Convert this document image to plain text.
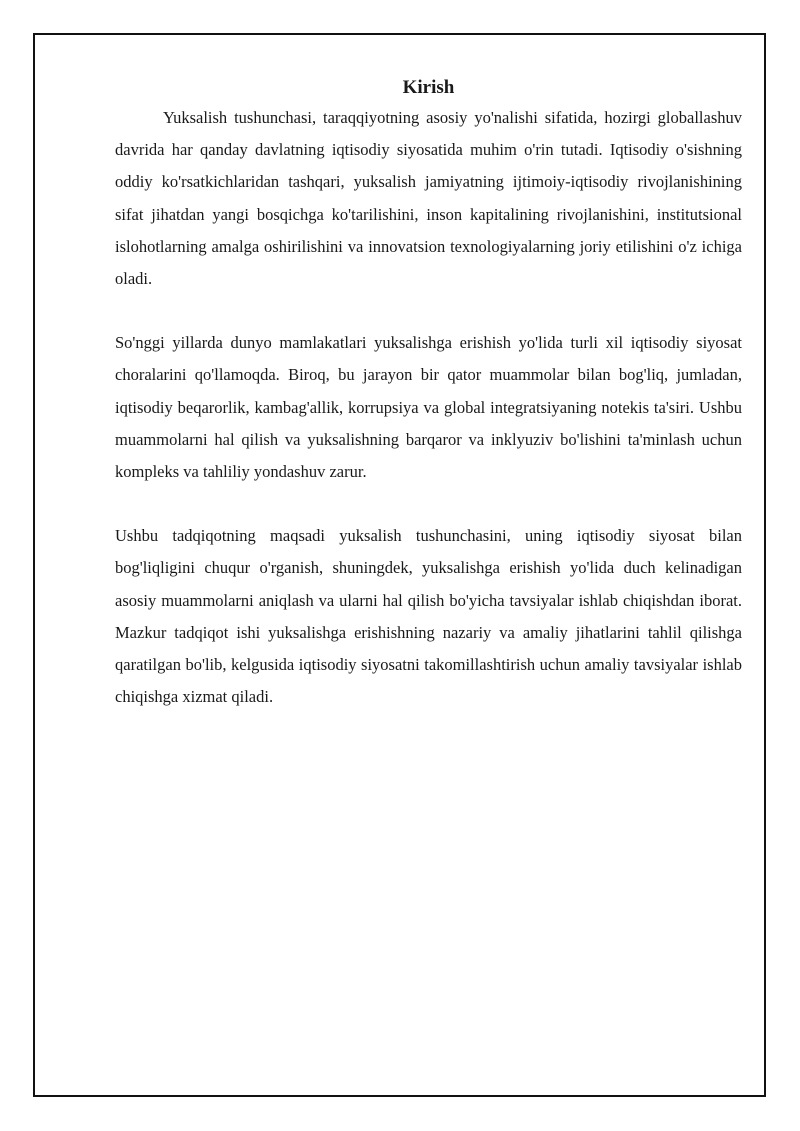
Kirish

Yuksalish tushunchasi, taraqqiyotning asosiy yo'nalishi sifatida, hozirgi globallashuv davrida har qanday davlatning iqtisodiy siyosatida muhim o'rin tutadi. Iqtisodiy o'sishning oddiy ko'rsatkichlaridan tashqari, yuksalish jamiyatning ijtimoiy-iqtisodiy rivojlanishining sifat jihatdan yangi bosqichga ko'tarilishini, inson kapitalining rivojlanishini, institutsional islohotlarning amalga oshirilishini va innovatsion texnologiyalarning joriy etilishini o'z ichiga oladi.

So'nggi yillarda dunyo mamlakatlari yuksalishga erishish yo'lida turli xil iqtisodiy siyosat choralarini qo'llamoqda. Biroq, bu jarayon bir qator muammolar bilan bog'liq, jumladan, iqtisodiy beqarorlik, kambag'allik, korrupsiya va global integratsiyaning notekis ta'siri. Ushbu muammolarni hal qilish va yuksalishning barqaror va inklyuziv bo'lishini ta'minlash uchun kompleks va tahliliy yondashuv zarur.

Ushbu tadqiqotning maqsadi yuksalish tushunchasini, uning iqtisodiy siyosat bilan bog'liqligini chuqur o'rganish, shuningdek, yuksalishga erishish yo'lida duch kelinadigan asosiy muammolarni aniqlash va ularni hal qilish bo'yicha tavsiyalar ishlab chiqishdan iborat. Mazkur tadqiqot ishi yuksalishga erishishning nazariy va amaliy jihatlarini tahlil qilishga qaratilgan bo'lib, kelgusida iqtisodiy siyosatni takomillashtirish uchun amaliy tavsiyalar ishlab chiqishga xizmat qiladi.
